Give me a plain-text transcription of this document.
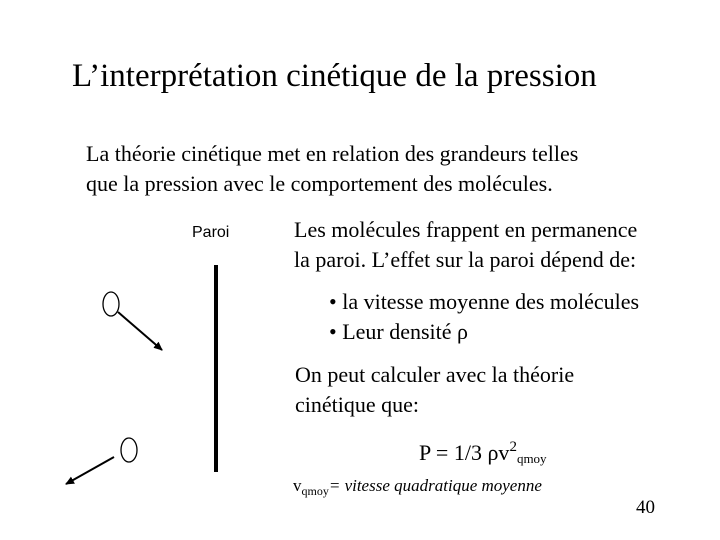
L’interprétation cinétique de la pression
La théorie cinétique met en relation des grandeurs telles
que la pression avec le comportement des molécules.
Paroi	Les molécules frappent en permanence
la paroi. L’effet sur la paroi dépend de:
• la vitesse moyenne des molécules
• Leur densité ρ
On peut calculer avec la théorie
cinétique que:
P = 1/3 $\rho v^2_{qmoy}$
$v_{qmoy}=$ vitesse quadratique moyenne
40
